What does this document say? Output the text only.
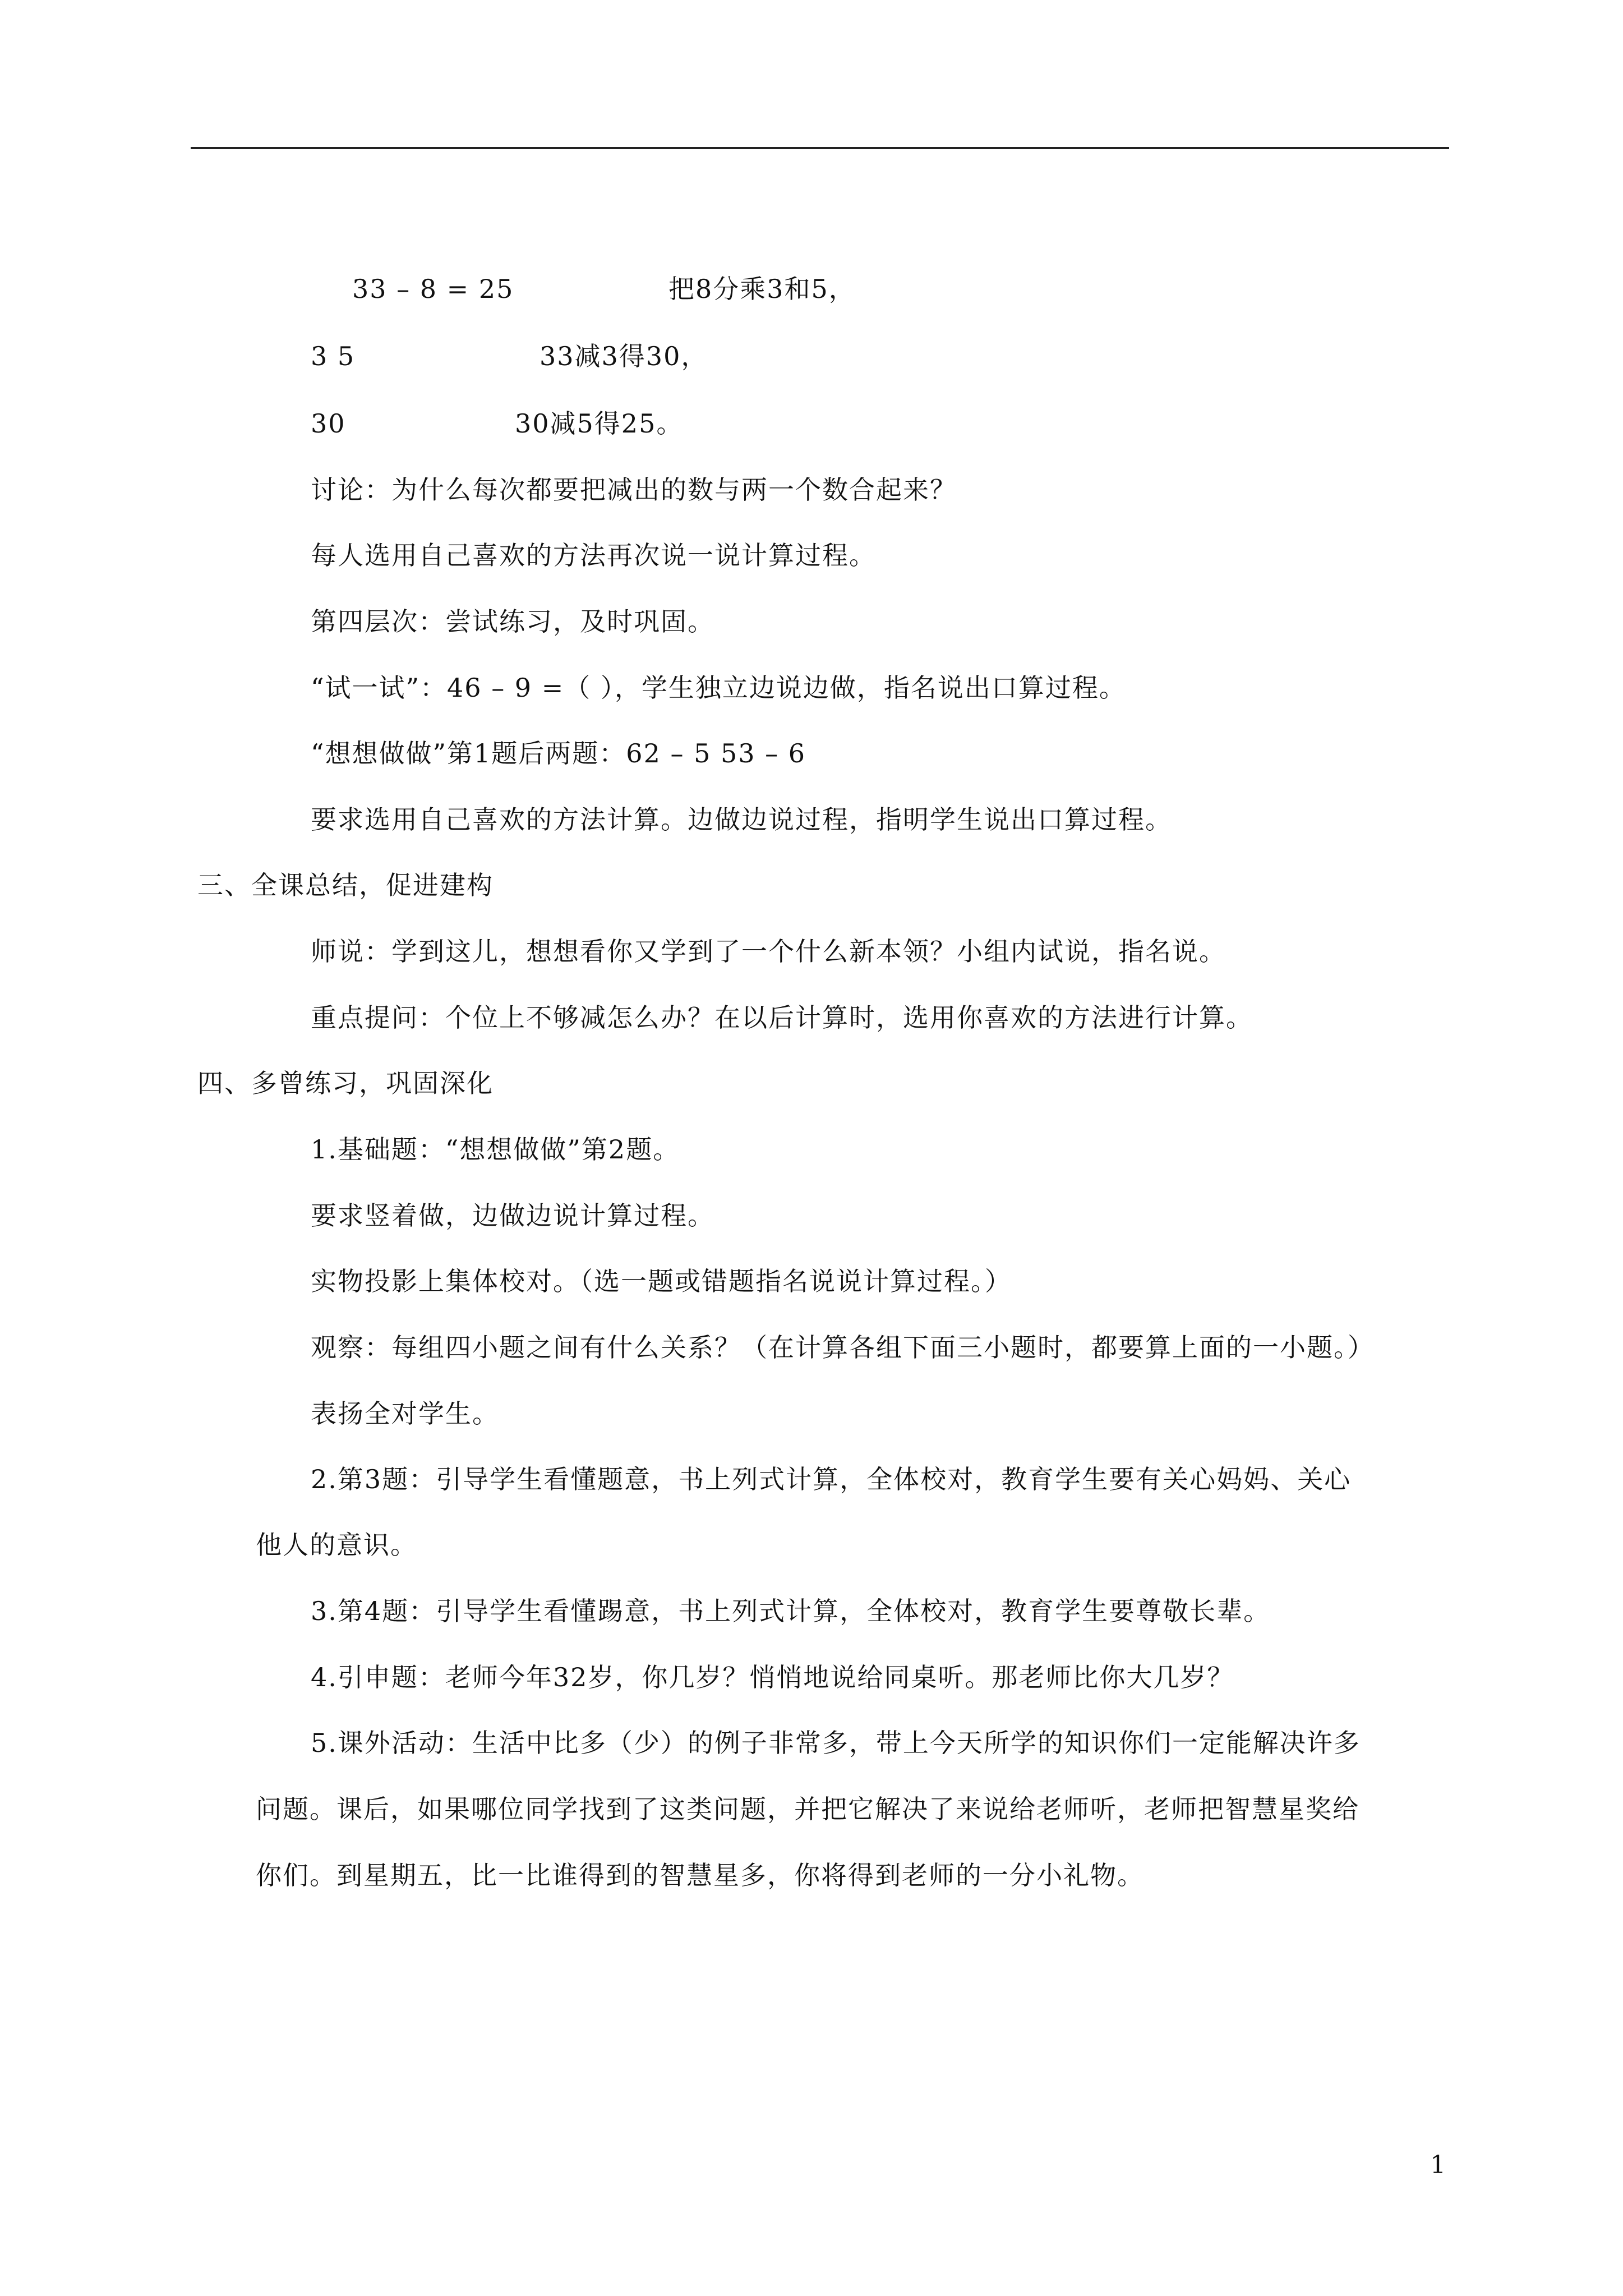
33 – 8 = 25	把8分乘3和5，
3 5	33减3得30，
30	30减5得25。
讨论：为什么每次都要把减出的数与两一个数合起来？
每人选用自己喜欢的方法再次说一说计算过程。
第四层次：尝试练习，及时巩固。
“试一试”：46 – 9 =（ ），学生独立边说边做，指名说出口算过程。
“想想做做”第1题后两题：62 – 5 53 – 6
要求选用自己喜欢的方法计算。边做边说过程，指明学生说出口算过程。
三、全课总结，促进建构
师说：学到这儿，想想看你又学到了一个什么新本领？小组内试说，指名说。
重点提问：个位上不够减怎么办？在以后计算时，选用你喜欢的方法进行计算。
四、多曾练习，巩固深化
1.基础题：“想想做做”第2题。
要求竖着做，边做边说计算过程。
实物投影上集体校对。（选一题或错题指名说说计算过程。）
观察：每组四小题之间有什么关系？（在计算各组下面三小题时，都要算上面的一小题。）
表扬全对学生。
2.第3题：引导学生看懂题意，书上列式计算，全体校对，教育学生要有关心妈妈、关心
他人的意识。
3.第4题：引导学生看懂踢意，书上列式计算，全体校对，教育学生要尊敬长辈。
4.引申题：老师今年32岁，你几岁？悄悄地说给同桌听。那老师比你大几岁？
5.课外活动：生活中比多（少）的例子非常多，带上今天所学的知识你们一定能解决许多
问题。课后，如果哪位同学找到了这类问题，并把它解决了来说给老师听，老师把智慧星奖给
你们。到星期五，比一比谁得到的智慧星多，你将得到老师的一分小礼物。
1
